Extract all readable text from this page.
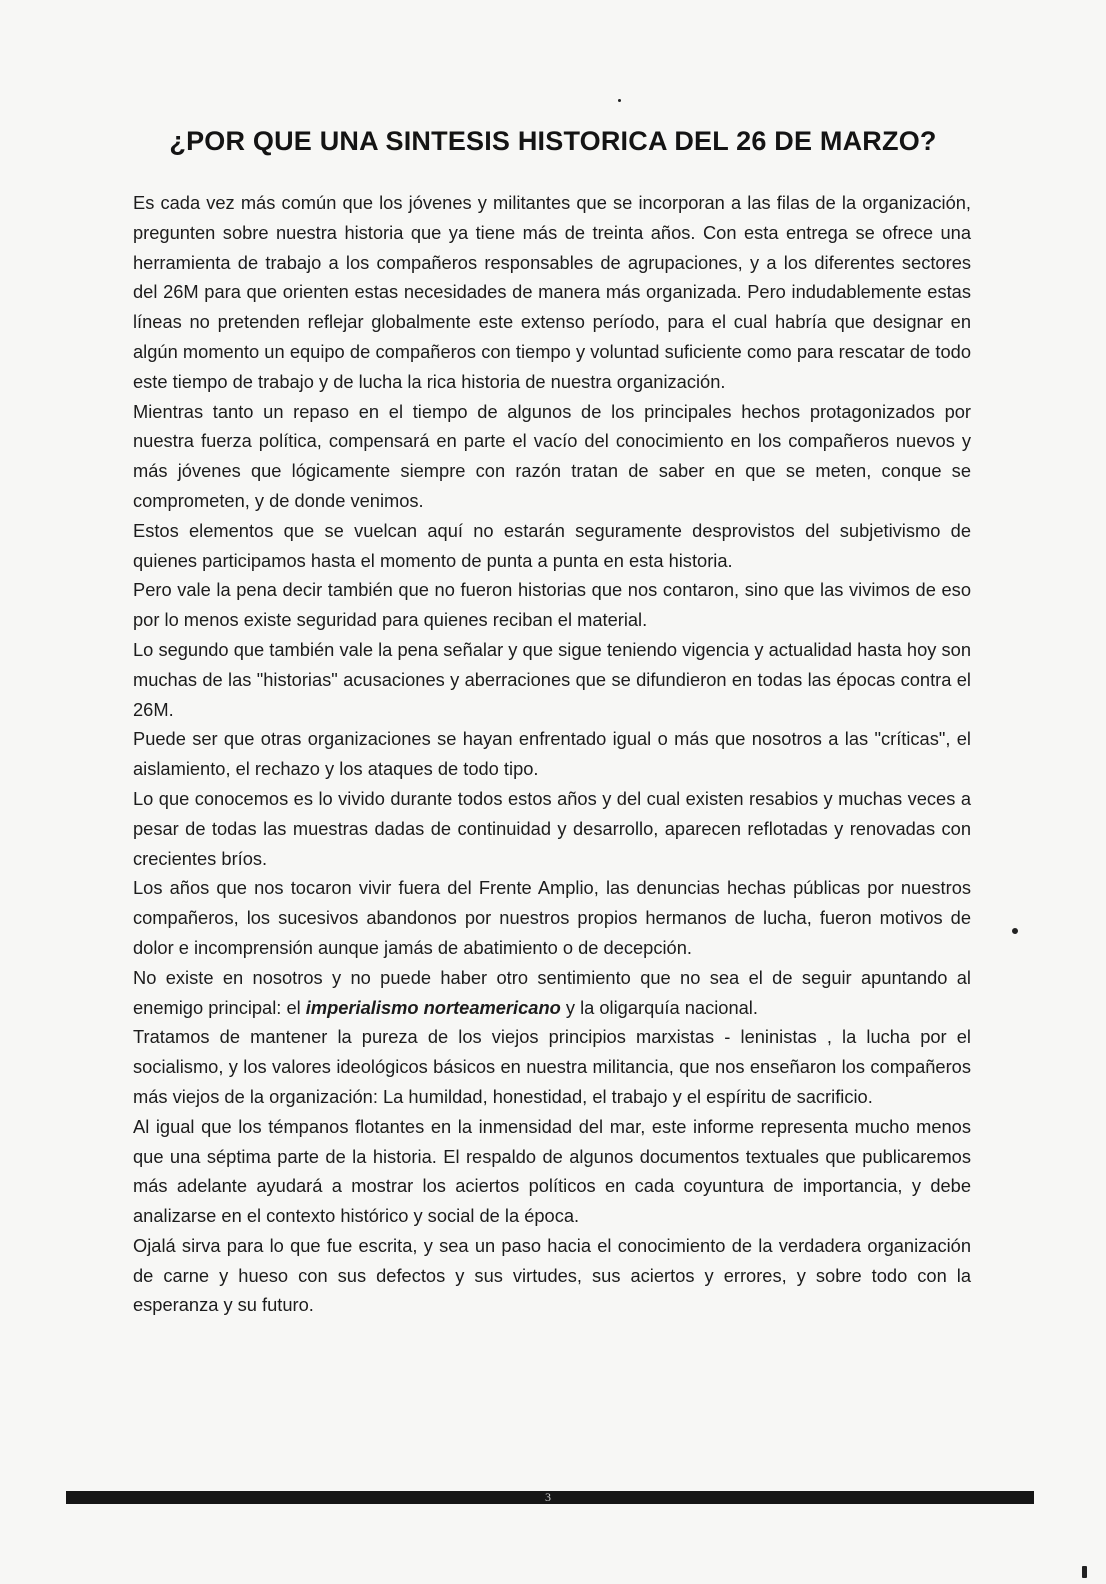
¿POR QUE UNA SINTESIS HISTORICA DEL 26 DE MARZO?

Es cada vez más común que los jóvenes y militantes que se incorporan a las filas de la organización, pregunten sobre nuestra historia que ya tiene más de treinta años. Con esta entrega se ofrece una herramienta de trabajo a los compañeros responsables de agrupaciones, y a los diferentes sectores del 26M para que orienten estas necesidades de manera más organizada. Pero indudablemente estas líneas no pretenden reflejar globalmente este extenso período, para el cual habría que designar en algún momento un equipo de compañeros con tiempo y voluntad suficiente como para rescatar de todo este tiempo de trabajo y de lucha la rica historia de nuestra organización.

Mientras tanto un repaso en el tiempo de algunos de los principales hechos protagonizados por nuestra fuerza política, compensará en parte el vacío del conocimiento en los compañeros nuevos y más jóvenes que lógicamente siempre con razón tratan de saber en que se meten, conque se comprometen, y de donde venimos.

Estos elementos que se vuelcan aquí no estarán seguramente desprovistos del subjetivismo de quienes participamos hasta el momento de punta a punta en esta historia.

Pero vale la pena decir también que no fueron historias que nos contaron, sino que las vivimos de eso por lo menos existe seguridad para quienes reciban el material.

Lo segundo que también vale la pena señalar y que sigue teniendo vigencia y actualidad hasta hoy son muchas de las "historias" acusaciones y aberraciones que se difundieron en todas las épocas contra el 26M.

Puede ser que otras organizaciones se hayan enfrentado igual o más que nosotros a las "críticas", el aislamiento, el rechazo y los ataques de todo tipo.

Lo que conocemos es lo vivido durante todos estos años y del cual existen resabios y muchas veces a pesar de todas las muestras dadas de continuidad y desarrollo, aparecen reflotadas y renovadas con crecientes bríos.

Los años que nos tocaron vivir fuera del Frente Amplio, las denuncias hechas públicas por nuestros compañeros, los sucesivos abandonos por nuestros propios hermanos de lucha, fueron motivos de dolor e incomprensión aunque jamás de abatimiento o de decepción.

No existe en nosotros y no puede haber otro sentimiento que no sea el de seguir apuntando al enemigo principal: el imperialismo norteamericano y la oligarquía nacional.

Tratamos de mantener la pureza de los viejos principios marxistas - leninistas , la lucha por el socialismo, y los valores ideológicos básicos en nuestra militancia, que nos enseñaron los compañeros más viejos de la organización: La humildad, honestidad, el trabajo y el espíritu de sacrificio.

Al igual que los témpanos flotantes en la inmensidad del mar, este informe representa mucho menos que una séptima parte de la historia. El respaldo de algunos documentos textuales que publicaremos más adelante ayudará a mostrar los aciertos políticos en cada coyuntura de importancia, y debe analizarse en el contexto histórico y social de la época.

Ojalá sirva para lo que fue escrita, y sea un paso hacia el conocimiento de la verdadera organización de carne y hueso con sus defectos y sus virtudes, sus aciertos y errores, y sobre todo con la esperanza y su futuro.

3
